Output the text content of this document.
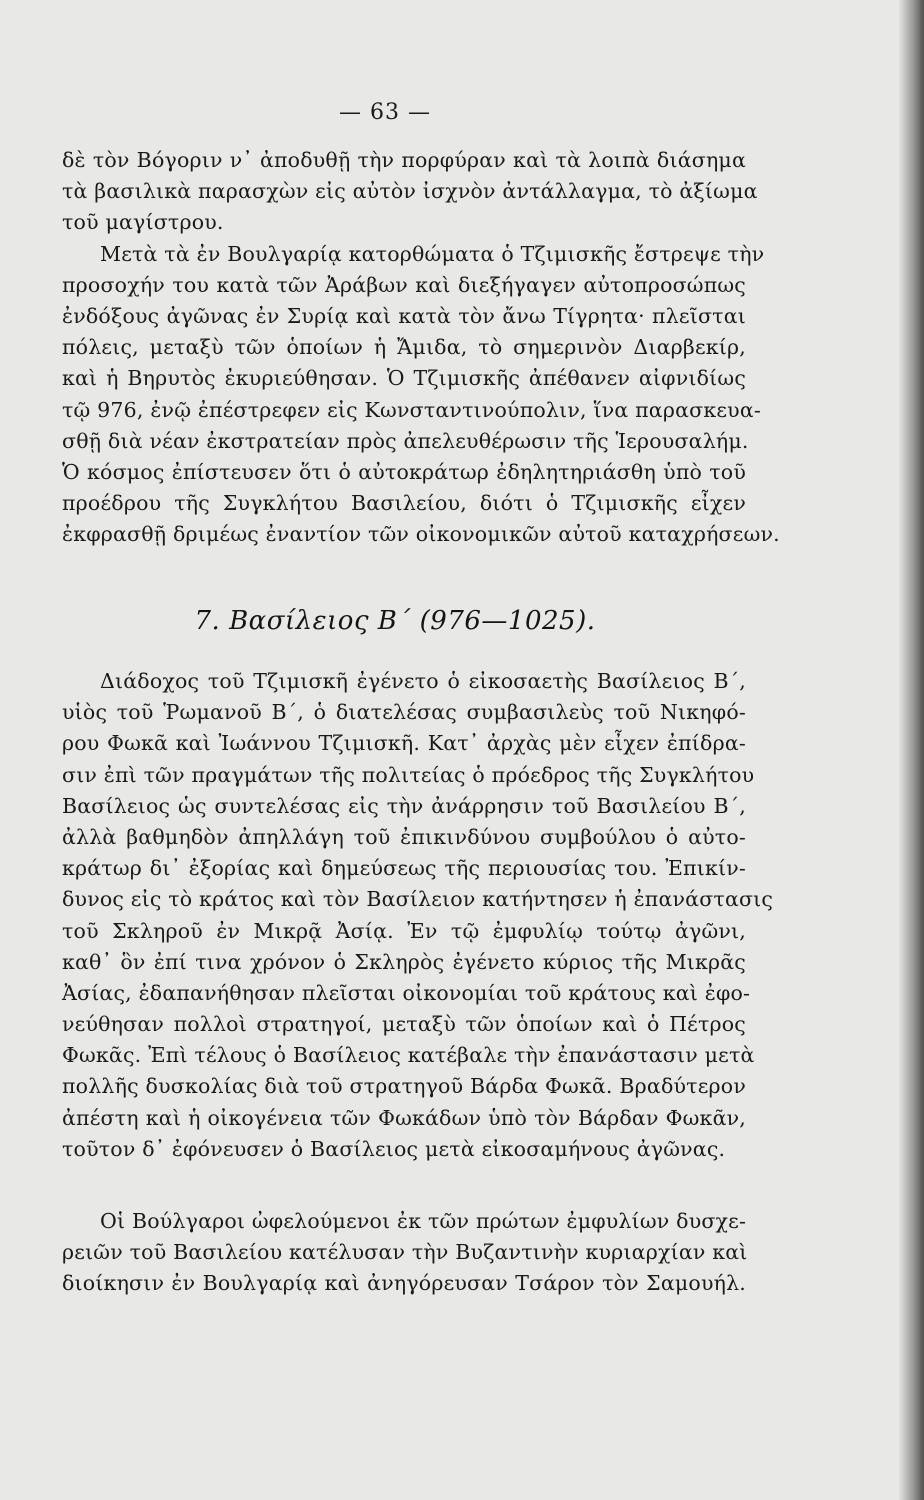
— 63 —
δὲ τὸν Βόγοριν ν᾽ ἀποδυθῇ τὴν πορφύραν καὶ τὰ λοιπὰ διάσημα
τὰ βασιλικὰ παρασχὼν εἰς αὐτὸν ἰσχνὸν ἀντάλλαγμα, τὸ ἀξίωμα
τοῦ μαγίστρου.
Μετὰ τὰ ἐν Βουλγαρίᾳ κατορθώματα ὁ Τζιμισκῆς ἔστρεψε τὴν
προσοχήν του κατὰ τῶν Ἀράβων καὶ διεξήγαγεν αὐτοπροσώπως
ἐνδόξους ἀγῶνας ἐν Συρίᾳ καὶ κατὰ τὸν ἄνω Τίγρητα· πλεῖσται
πόλεις, μεταξὺ τῶν ὁποίων ἡ Ἄμιδα, τὸ σημερινὸν Διαρβεκίρ,
καὶ ἡ Βηρυτὸς ἐκυριεύθησαν. Ὁ Τζιμισκῆς ἀπέθανεν αἰφνιδίως
τῷ 976, ἐνῷ ἐπέστρεφεν εἰς Κωνσταντινούπολιν, ἵνα παρασκευα-
σθῇ διὰ νέαν ἐκστρατείαν πρὸς ἀπελευθέρωσιν τῆς Ἱερουσαλήμ.
Ὁ κόσμος ἐπίστευσεν ὅτι ὁ αὐτοκράτωρ ἐδηλητηριάσθη ὑπὸ τοῦ
προέδρου τῆς Συγκλήτου Βασιλείου, διότι ὁ Τζιμισκῆς εἶχεν
ἐκφρασθῇ δριμέως ἐναντίον τῶν οἰκονομικῶν αὐτοῦ καταχρήσεων.
7. Βασίλειος Β΄ (976—1025).
Διάδοχος τοῦ Τζιμισκῆ ἐγένετο ὁ εἰκοσαετὴς Βασίλειος Β΄,
υἱὸς τοῦ Ῥωμανοῦ Β΄, ὁ διατελέσας συμβασιλεὺς τοῦ Νικηφό-
ρου Φωκᾶ καὶ Ἰωάννου Τζιμισκῆ. Κατ᾽ ἀρχὰς μὲν εἶχεν ἐπίδρα-
σιν ἐπὶ τῶν πραγμάτων τῆς πολιτείας ὁ πρόεδρος τῆς Συγκλήτου
Βασίλειος ὡς συντελέσας εἰς τὴν ἀνάρρησιν τοῦ Βασιλείου Β΄,
ἀλλὰ βαθμηδὸν ἀπηλλάγη τοῦ ἐπικινδύνου συμβούλου ὁ αὐτο-
κράτωρ δι᾽ ἐξορίας καὶ δημεύσεως τῆς περιουσίας του. Ἐπικίν-
δυνος εἰς τὸ κράτος καὶ τὸν Βασίλειον κατήντησεν ἡ ἐπανάστασις
τοῦ Σκληροῦ ἐν Μικρᾷ Ἀσίᾳ. Ἐν τῷ ἐμφυλίῳ τούτῳ ἀγῶνι,
καθ᾽ ὃν ἐπί τινα χρόνον ὁ Σκληρὸς ἐγένετο κύριος τῆς Μικρᾶς
Ἀσίας, ἐδαπανήθησαν πλεῖσται οἰκονομίαι τοῦ κράτους καὶ ἐφο-
νεύθησαν πολλοὶ στρατηγοί, μεταξὺ τῶν ὁποίων καὶ ὁ Πέτρος
Φωκᾶς. Ἐπὶ τέλους ὁ Βασίλειος κατέβαλε τὴν ἐπανάστασιν μετὰ
πολλῆς δυσκολίας διὰ τοῦ στρατηγοῦ Βάρδα Φωκᾶ. Βραδύτερον
ἀπέστη καὶ ἡ οἰκογένεια τῶν Φωκάδων ὑπὸ τὸν Βάρδαν Φωκᾶν,
τοῦτον δ᾽ ἐφόνευσεν ὁ Βασίλειος μετὰ εἰκοσαμήνους ἀγῶνας.
Οἱ Βούλγαροι ὠφελούμενοι ἐκ τῶν πρώτων ἐμφυλίων δυσχε-
ρειῶν τοῦ Βασιλείου κατέλυσαν τὴν Βυζαντινὴν κυριαρχίαν καὶ
διοίκησιν ἐν Βουλγαρίᾳ καὶ ἀνηγόρευσαν Τσάρον τὸν Σαμουήλ.
